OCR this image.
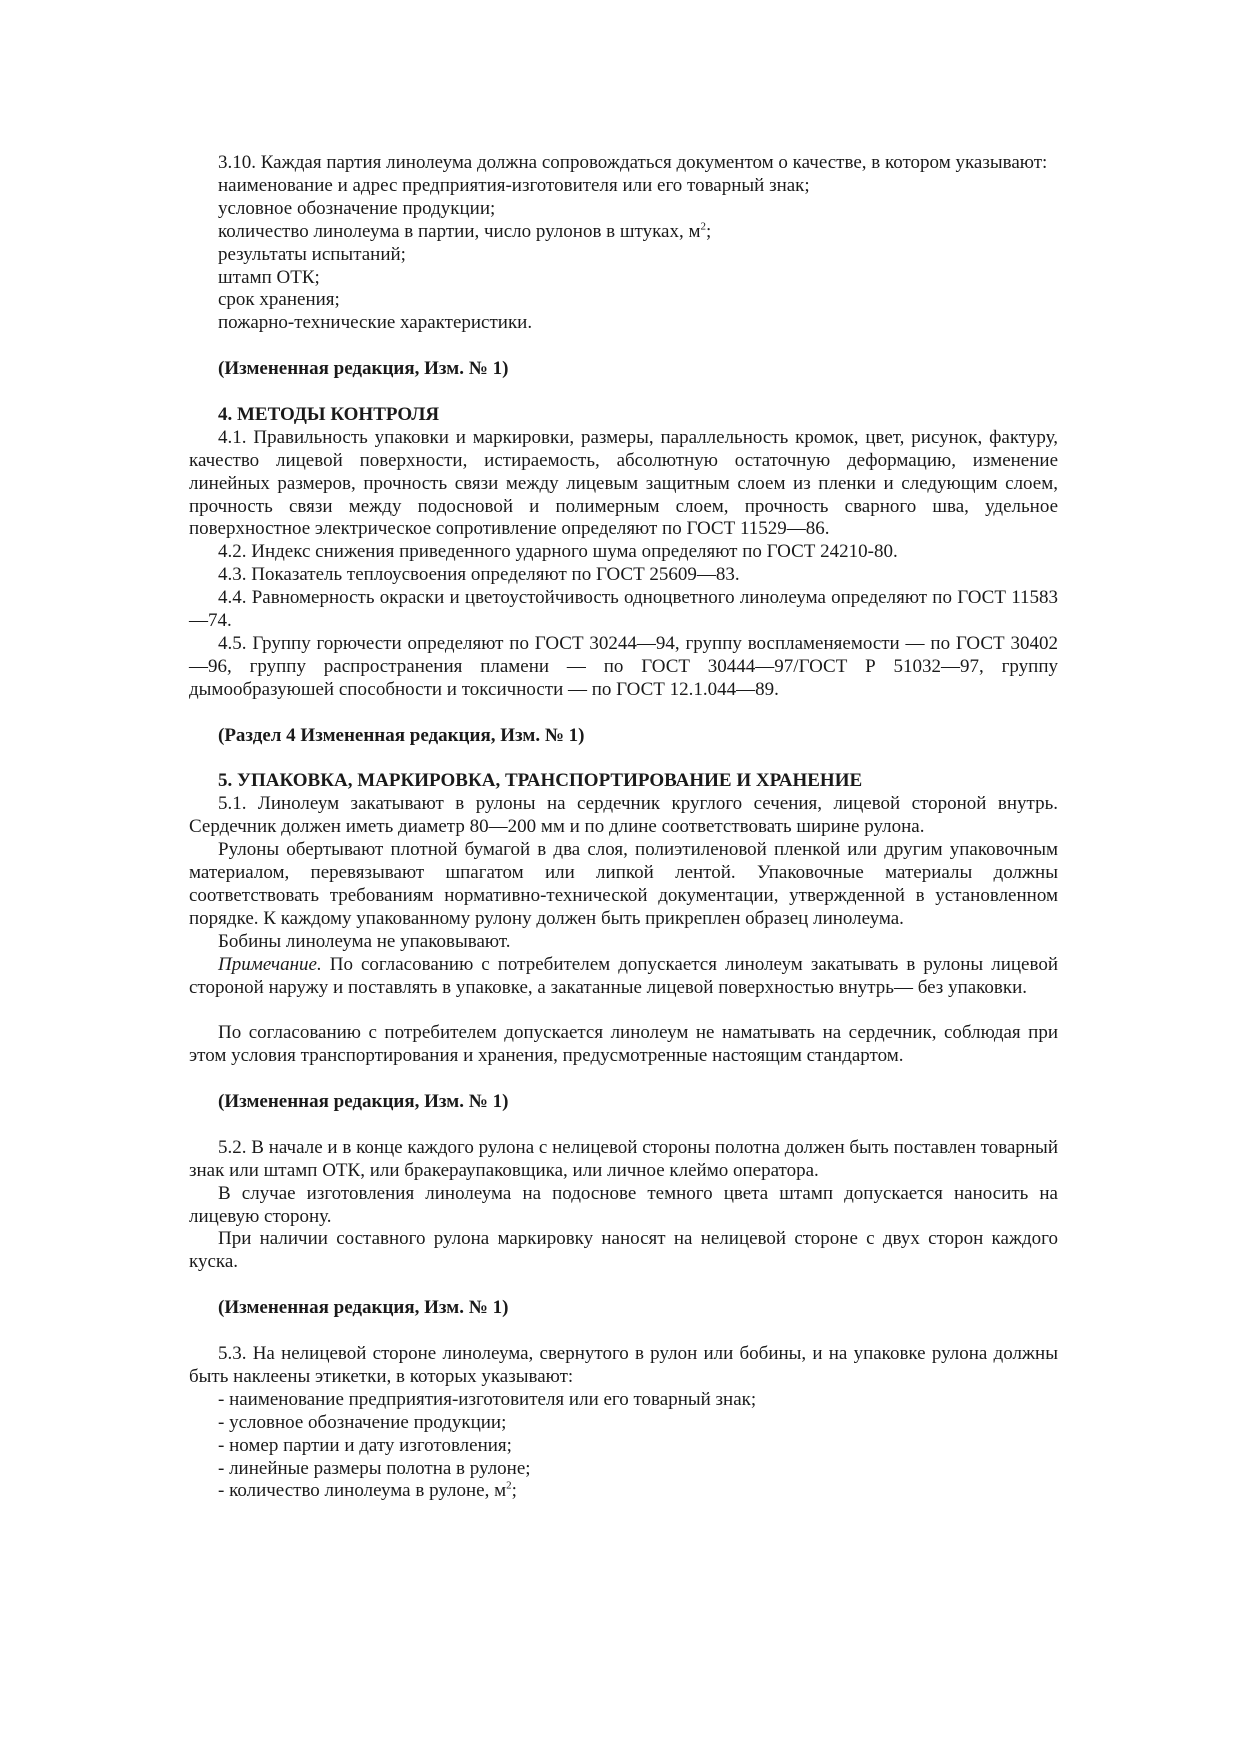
3.10. Каждая партия линолеума должна сопровождаться документом о качестве, в котором указывают:

наименование и адрес предприятия-изготовителя или его товарный знак;

условное обозначение продукции;

количество линолеума в партии, число рулонов в штуках, $м^2$;

результаты испытаний;

штамп ОТК;

срок хранения;

пожарно-технические характеристики.

(Измененная редакция, Изм. № 1)

4. МЕТОДЫ КОНТРОЛЯ

4.1. Правильность упаковки и маркировки, размеры, параллельность кромок, цвет, рисунок, фактуру, качество лицевой поверхности, истираемость, абсолютную остаточную деформацию, изменение линейных размеров, прочность связи между лицевым защитным слоем из пленки и следующим слоем, прочность связи между подосновой и полимерным слоем, прочность сварного шва, удельное поверхностное электрическое сопротивление определяют по ГОСТ 11529—86.

4.2. Индекс снижения приведенного ударного шума определяют по ГОСТ 24210-80.

4.3. Показатель теплоусвоения определяют по ГОСТ 25609—83.

4.4. Равномерность окраски и цветоустойчивость одноцветного линолеума определяют по ГОСТ 11583—74.

4.5. Группу горючести определяют по ГОСТ 30244—94, группу воспламеняемости — по ГОСТ 30402—96, группу распространения пламени — по ГОСТ 30444—97/ГОСТ Р 51032—97, группу дымообразуюшей способности и токсичности — по ГОСТ 12.1.044—89.

(Раздел 4 Измененная редакция, Изм. № 1)

5. УПАКОВКА, МАРКИРОВКА, ТРАНСПОРТИРОВАНИЕ И ХРАНЕНИЕ

5.1. Линолеум закатывают в рулоны на сердечник круглого сечения, лицевой стороной внутрь. Сердечник должен иметь диаметр 80—200 мм и по длине соответствовать ширине рулона.

Рулоны обертывают плотной бумагой в два слоя, полиэтиленовой пленкой или другим упаковочным материалом, перевязывают шпагатом или липкой лентой. Упаковочные материалы должны соответствовать требованиям нормативно-технической документации, утвержденной в установленном порядке. К каждому упакованному рулону должен быть прикреплен образец линолеума.

Бобины линолеума не упаковывают.

Примечание. По согласованию с потребителем допускается линолеум закатывать в рулоны лицевой стороной наружу и поставлять в упаковке, а закатанные лицевой поверхностью внутрь— без упаковки.

По согласованию с потребителем допускается линолеум не наматывать на сердечник, соблюдая при этом условия транспортирования и хранения, предусмотренные настоящим стандартом.

(Измененная редакция, Изм. № 1)

5.2. В начале и в конце каждого рулона с нелицевой стороны полотна должен быть поставлен товарный знак или штамп ОТК, или бракераупаковщика, или личное клеймо оператора.

В случае изготовления линолеума на подоснове темного цвета штамп допускается наносить на лицевую сторону.

При наличии составного рулона маркировку наносят на нелицевой стороне с двух сторон каждого куска.

(Измененная редакция, Изм. № 1)

5.3. На нелицевой стороне линолеума, свернутого в рулон или бобины, и на упаковке рулона должны быть наклеены этикетки, в которых указывают:

- наименование предприятия-изготовителя или его товарный знак;

- условное обозначение продукции;

- номер партии и дату изготовления;

- линейные размеры полотна в рулоне;

- количество линолеума в рулоне, $м^2$;
